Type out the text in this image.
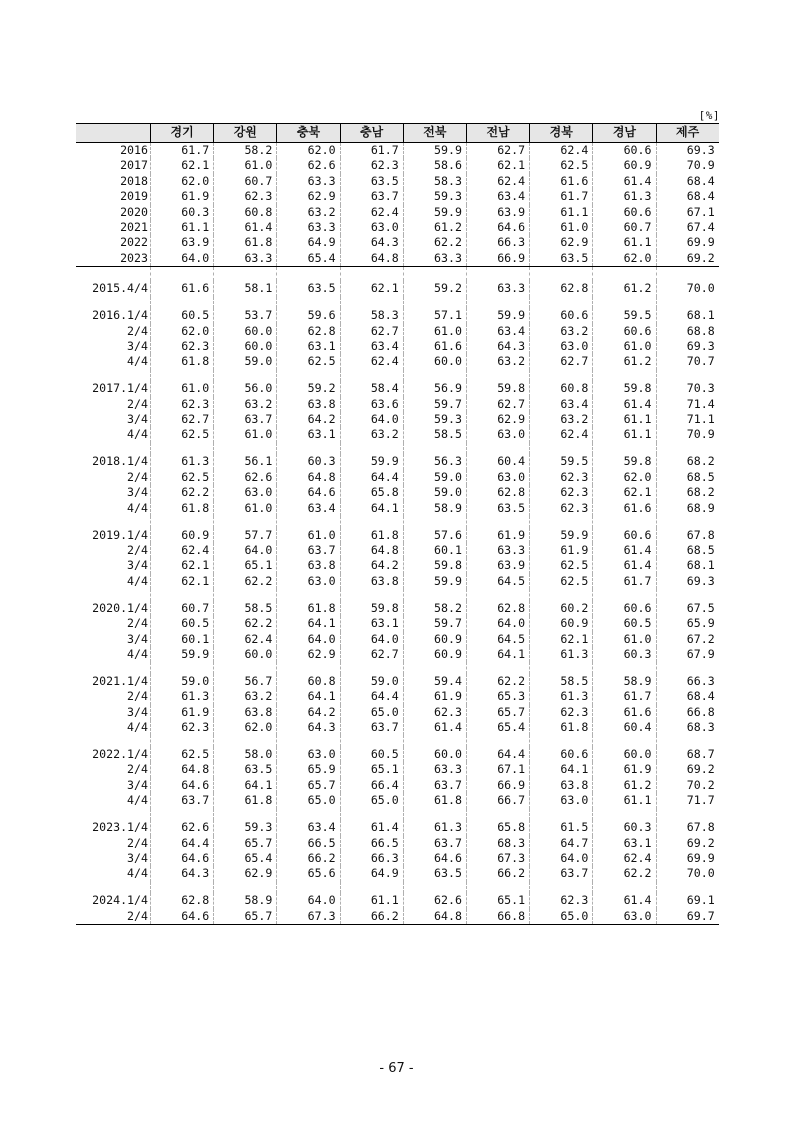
[%]
경기	강원	충북	충남	전북	전남	경북	경남	제주
2016	61.7	58.2	62.0	61.7	59.9	62.7	62.4	60.6	69.3
2017	62.1	61.0	62.6	62.3	58.6	62.1	62.5	60.9	70.9
2018	62.0	60.7	63.3	63.5	58.3	62.4	61.6	61.4	68.4
2019	61.9	62.3	62.9	63.7	59.3	63.4	61.7	61.3	68.4
2020	60.3	60.8	63.2	62.4	59.9	63.9	61.1	60.6	67.1
2021	61.1	61.4	63.3	63.0	61.2	64.6	61.0	60.7	67.4
2022	63.9	61.8	64.9	64.3	62.2	66.3	62.9	61.1	69.9
2023	64.0	63.3	65.4	64.8	63.3	66.9	63.5	62.0	69.2
2015.4/4	61.6	58.1	63.5	62.1	59.2	63.3	62.8	61.2	70.0
2016.1/4	60.5	53.7	59.6	58.3	57.1	59.9	60.6	59.5	68.1
2/4	62.0	60.0	62.8	62.7	61.0	63.4	63.2	60.6	68.8
3/4	62.3	60.0	63.1	63.4	61.6	64.3	63.0	61.0	69.3
4/4	61.8	59.0	62.5	62.4	60.0	63.2	62.7	61.2	70.7
2017.1/4	61.0	56.0	59.2	58.4	56.9	59.8	60.8	59.8	70.3
2/4	62.3	63.2	63.8	63.6	59.7	62.7	63.4	61.4	71.4
3/4	62.7	63.7	64.2	64.0	59.3	62.9	63.2	61.1	71.1
4/4	62.5	61.0	63.1	63.2	58.5	63.0	62.4	61.1	70.9
2018.1/4	61.3	56.1	60.3	59.9	56.3	60.4	59.5	59.8	68.2
2/4	62.5	62.6	64.8	64.4	59.0	63.0	62.3	62.0	68.5
3/4	62.2	63.0	64.6	65.8	59.0	62.8	62.3	62.1	68.2
4/4	61.8	61.0	63.4	64.1	58.9	63.5	62.3	61.6	68.9
2019.1/4	60.9	57.7	61.0	61.8	57.6	61.9	59.9	60.6	67.8
2/4	62.4	64.0	63.7	64.8	60.1	63.3	61.9	61.4	68.5
3/4	62.1	65.1	63.8	64.2	59.8	63.9	62.5	61.4	68.1
4/4	62.1	62.2	63.0	63.8	59.9	64.5	62.5	61.7	69.3
2020.1/4	60.7	58.5	61.8	59.8	58.2	62.8	60.2	60.6	67.5
2/4	60.5	62.2	64.1	63.1	59.7	64.0	60.9	60.5	65.9
3/4	60.1	62.4	64.0	64.0	60.9	64.5	62.1	61.0	67.2
4/4	59.9	60.0	62.9	62.7	60.9	64.1	61.3	60.3	67.9
2021.1/4	59.0	56.7	60.8	59.0	59.4	62.2	58.5	58.9	66.3
2/4	61.3	63.2	64.1	64.4	61.9	65.3	61.3	61.7	68.4
3/4	61.9	63.8	64.2	65.0	62.3	65.7	62.3	61.6	66.8
4/4	62.3	62.0	64.3	63.7	61.4	65.4	61.8	60.4	68.3
2022.1/4	62.5	58.0	63.0	60.5	60.0	64.4	60.6	60.0	68.7
2/4	64.8	63.5	65.9	65.1	63.3	67.1	64.1	61.9	69.2
3/4	64.6	64.1	65.7	66.4	63.7	66.9	63.8	61.2	70.2
4/4	63.7	61.8	65.0	65.0	61.8	66.7	63.0	61.1	71.7
2023.1/4	62.6	59.3	63.4	61.4	61.3	65.8	61.5	60.3	67.8
2/4	64.4	65.7	66.5	66.5	63.7	68.3	64.7	63.1	69.2
3/4	64.6	65.4	66.2	66.3	64.6	67.3	64.0	62.4	69.9
4/4	64.3	62.9	65.6	64.9	63.5	66.2	63.7	62.2	70.0
2024.1/4	62.8	58.9	64.0	61.1	62.6	65.1	62.3	61.4	69.1
2/4	64.6	65.7	67.3	66.2	64.8	66.8	65.0	63.0	69.7
- 67 -
